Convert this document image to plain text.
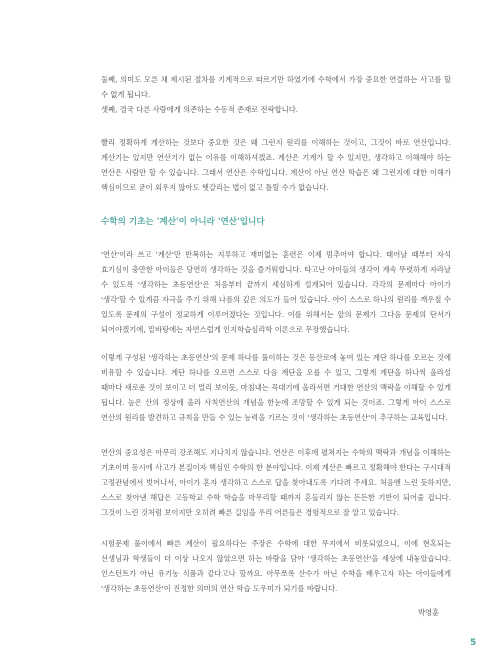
둘째, 의미도 모른 채 제시된 절차를 기계적으로 따르기만 하였기에 수학에서 가장 중요한 연결하는 사고를 할 수 없게 됩니다.

셋째, 결국 다른 사람에게 의존하는 수동적 존재로 전락합니다.

빨리 정확하게 계산하는 것보다 중요한 것은 왜 그런지 원리를 이해하는 것이고, 그것이 바로 연산입니다. 계산기는 있지만 연산기가 없는 이유를 이해하셔겠죠. 계산은 기계가 할 수 있지만, 생각하고 이해해야 하는 연산은 사람만 할 수 있습니다. 그래서 연산은 수학입니다. 계산이 아닌 연산 학습은 왜 그런지에 대한 이해가 핵심이므로 굳이 외우지 않아도 헷갈리는 법이 없고 틀릴 수가 없습니다.

수학의 기초는 '계산'이 아니라 '연산'입니다

'연산'이라 쓰고 '계산'만 반복하는 지루하고 재미없는 훈련은 이제 멈추어야 합니다. 태어날 때부터 자석 효기심이 충만한 아이들은 당연히 생각하는 것을 즐거워합니다. 타고난 아이들의 생각이 계속 뚜렷하게 자라날 수 있도록 '생각하는 초등연산'은 처음부터 끝까지 세심하게 설계되어 있습니다. 각각의 문제마다 아이가 '생각'할 수 있게끔 자극을 주기 위해 나름의 깊은 의도가 들어 있습니다. 아이 스스로 하나의 원리를 깨우칠 수 있도록 문제의 구성이 정교하게 이루어졌다는 것입니다. 이를 위해서는 앞의 문제가 그다음 문제의 단서가 되어야겠기에, 밑바탕에는 자연스럽게 인지학습심리학 이론으로 무장했습니다.

이렇게 구성된 '생각하는 초등연산'의 문제 하나를 풀이하는 것은 등산로에 놓여 있는 계단 하나를 오르는 것에 비유할 수 있습니다. 계단 하나를 오르면 스스로 다음 계단을 오를 수 있고, 그렇게 계단을 하나씩 올라설 때마다 새로운 것이 보이고 더 멀리 보이듯, 마침내는 꼭대기에 올라서면 거대한 연산의 맥락을 이해할 수 있게 됩니다. 높은 산의 정상에 올라 사칙연산의 개념을 한눈에 조망할 수 있게 되는 것이죠. 그렇게 아이 스스로 연산의 원리를 발견하고 규칙을 만들 수 있는 능력을 기르는 것이 '생각하는 초등연산'이 추구하는 교육입니다.

연산의 중요성은 아무리 강조해도 지나치지 않습니다. 연산은 이후에 펼쳐지는 수학의 맥락과 개념을 이해하는 기초이며 동시에 사고가 본질이자 핵심인 수학의 한 분야입니다. 이제 계산은 빠르고 정확해야 한다는 구시대적 고정관념에서 벗어나서, 아이가 혼자 생각하고 스스로 답을 찾아내도록 기다려 주세요. 처음엔 느린 듯하지만, 스스로 찾아낸 해답은 고등학교 수학 학습을 마무리할 때까지 흔들리지 않는 든든한 기반이 되어줄 겁니다. 그것이 느린 것처럼 보이지만 오히려 빠른 길임을 우리 어른들은 경험적으로 잘 알고 있습니다.

시험문제 풀이에서 빠른 계산이 필요하다는 주장은 수학에 대한 무지에서 비롯되었으니, 이에 현혹되는 선생님과 학생들이 더 이상 나오지 않았으면 하는 바람을 담아 '생각하는 초등연산'을 세상에 내놓았습니다. 인스턴트가 아닌 유기농 식품과 같다고나 할까요. 아무쪼록 산수가 아닌 수학을 배우고자 하는 아이들에게 '생각하는 초등연산'이 진정한 의미의 연산 학습 도우미가 되기를 바랍니다.

박영훈

5
